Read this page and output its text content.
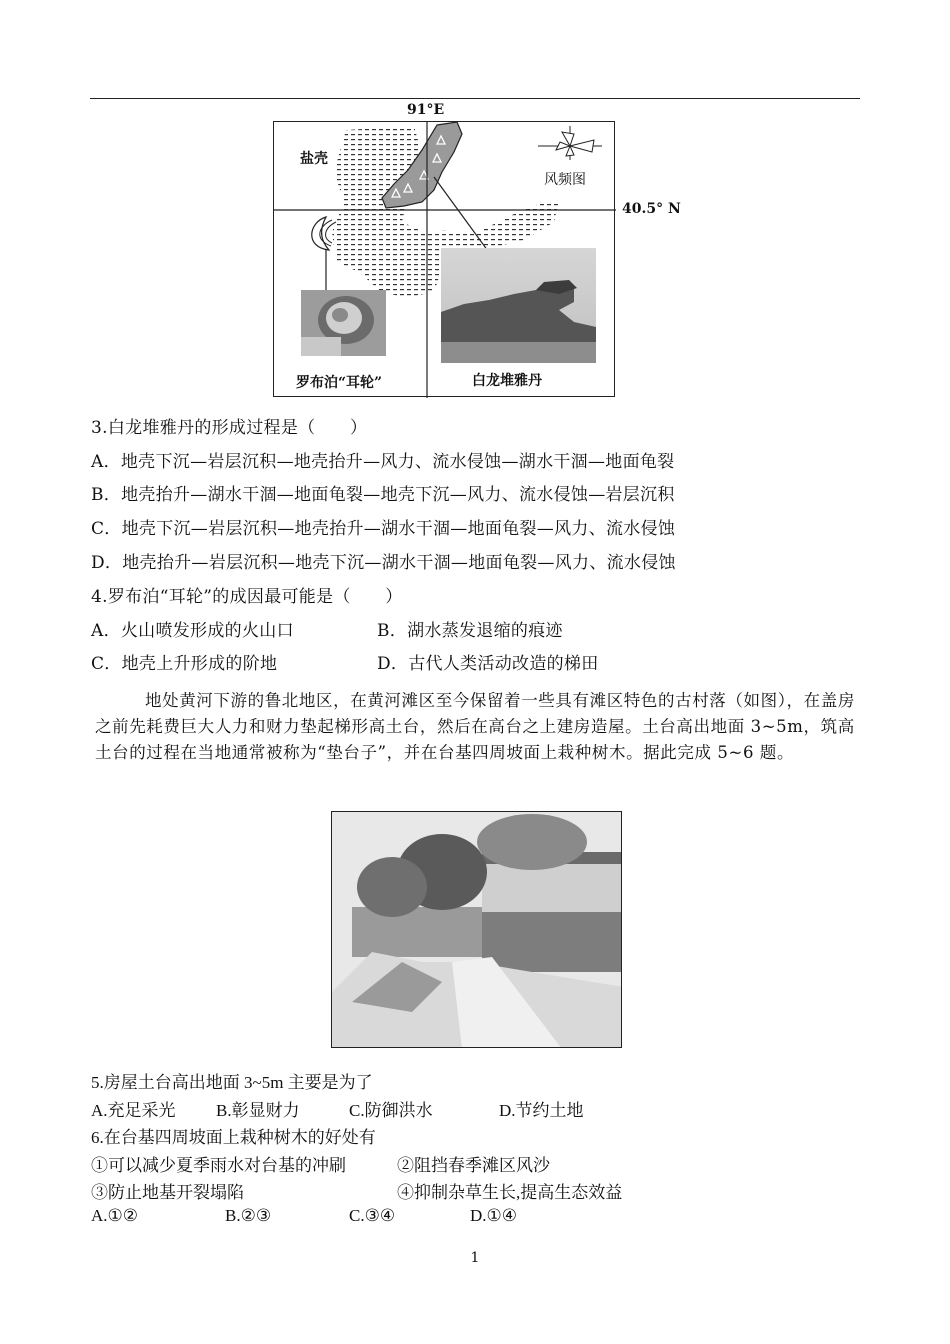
91°E
盐壳
风频图
罗布泊“耳轮”	白龙堆雅丹
40.5° N
3.白龙堆雅丹的形成过程是（　　）
A．地壳下沉—岩层沉积—地壳抬升—风力、流水侵蚀—湖水干涸—地面龟裂
B．地壳抬升—湖水干涸—地面龟裂—地壳下沉—风力、流水侵蚀—岩层沉积
C．地壳下沉—岩层沉积—地壳抬升—湖水干涸—地面龟裂—风力、流水侵蚀
D．地壳抬升—岩层沉积—地壳下沉—湖水干涸—地面龟裂—风力、流水侵蚀
4.罗布泊“耳轮”的成因最可能是（　　）
A．火山喷发形成的火山口	B．湖水蒸发退缩的痕迹
C．地壳上升形成的阶地	D．古代人类活动改造的梯田
地处黄河下游的鲁北地区，在黄河滩区至今保留着一些具有滩区特色的古村落（如图），在盖房之前先耗费巨大人力和财力垫起梯形高土台，然后在高台之上建房造屋。土台高出地面 3~5m，筑高土台的过程在当地通常被称为“垫台子”，并在台基四周坡面上栽种树木。据此完成 5~6 题。
5.房屋土台高出地面 3~5m 主要是为了
A.充足采光 B.彰显财力	C.防御洪水	D.节约土地
6.在台基四周坡面上栽种树木的好处有
①可以减少夏季雨水对台基的冲刷	②阻挡春季滩区风沙
③防止地基开裂塌陷	④抑制杂草生长,提高生态效益
A.①②	B.②③	C.③④	D.①④
1
